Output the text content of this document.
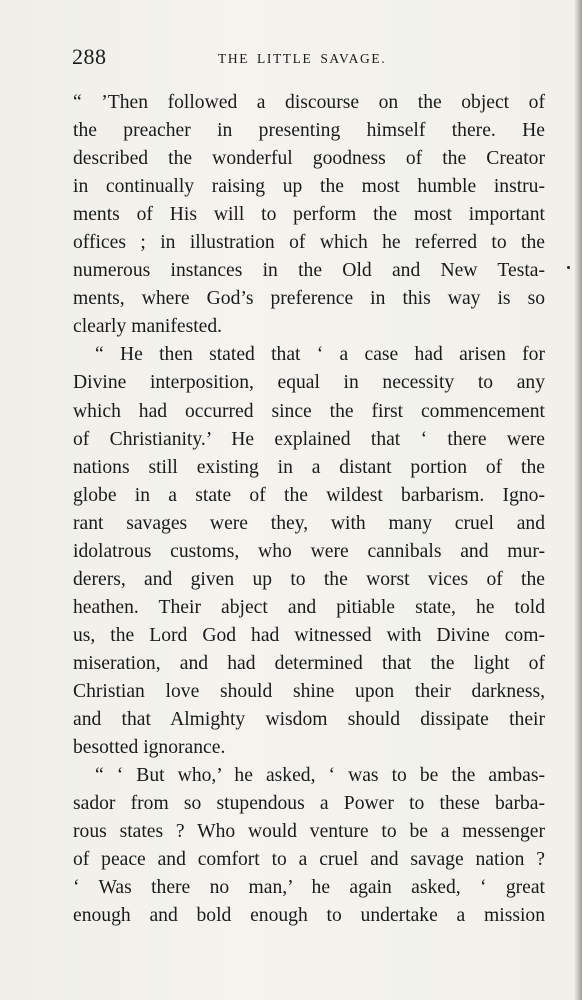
288	THE LITTLE SAVAGE.
“ ’Then followed a discourse on the object of
the preacher in presenting himself there. He
described the wonderful goodness of the Creator
in continually raising up the most humble instru-
ments of His will to perform the most important
offices ; in illustration of which he referred to the
numerous instances in the Old and New Testa-
ments, where God’s preference in this way is so
clearly manifested.
“ He then stated that ‘ a case had arisen for
Divine interposition, equal in necessity to any
which had occurred since the first commencement
of Christianity.’ He explained that ‘ there were
nations still existing in a distant portion of the
globe in a state of the wildest barbarism. Igno-
rant savages were they, with many cruel and
idolatrous customs, who were cannibals and mur-
derers, and given up to the worst vices of the
heathen. Their abject and pitiable state, he told
us, the Lord God had witnessed with Divine com-
miseration, and had determined that the light of
Christian love should shine upon their darkness,
and that Almighty wisdom should dissipate their
besotted ignorance.
“ ‘ But who,’ he asked, ‘ was to be the ambas-
sador from so stupendous a Power to these barba-
rous states ? Who would venture to be a messenger
of peace and comfort to a cruel and savage nation ?
‘ Was there no man,’ he again asked, ‘ great
enough and bold enough to undertake a mission
